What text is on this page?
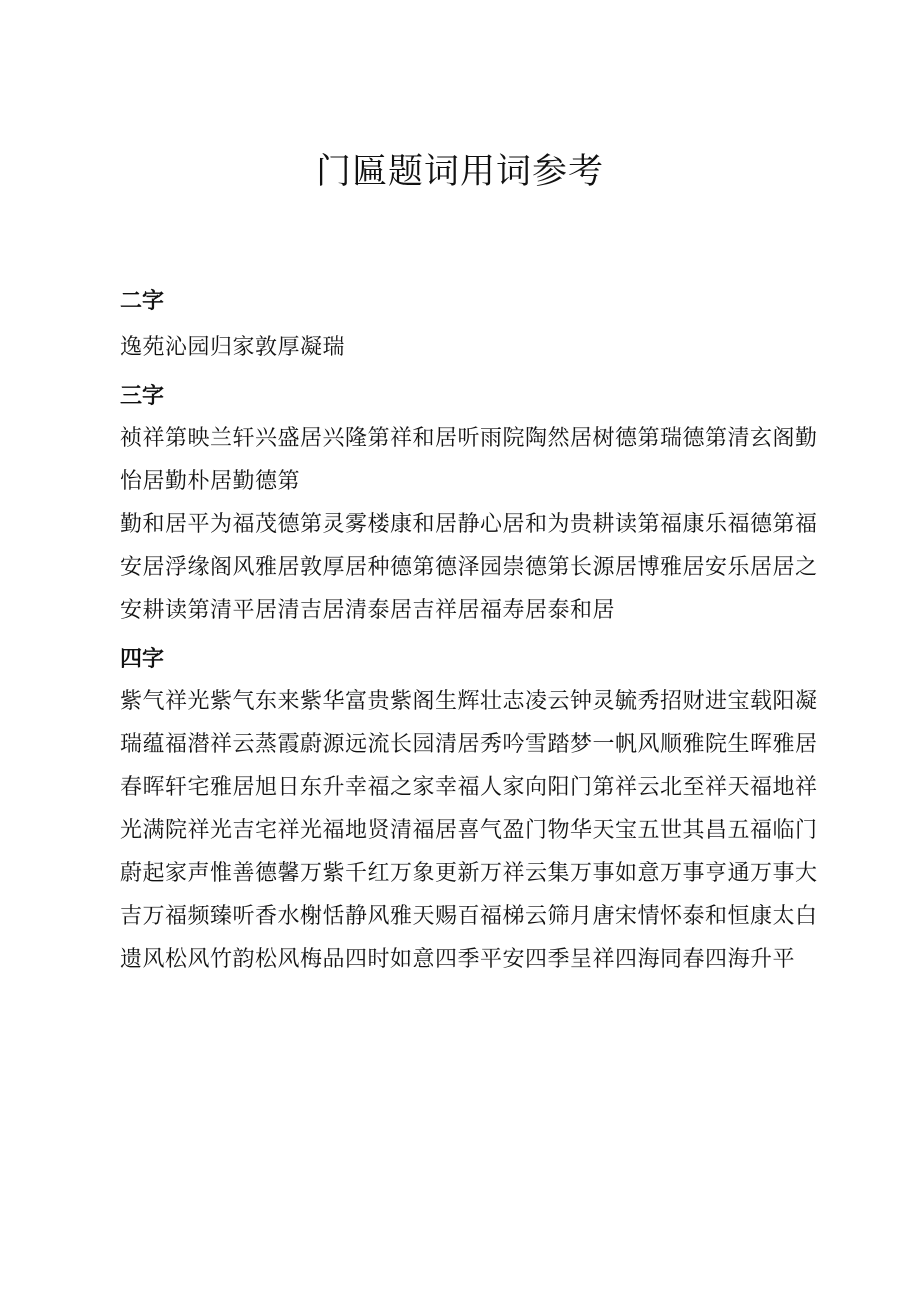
门匾题词用词参考
二字

逸苑沁园归家敦厚凝瑞

三字

祯祥第映兰轩兴盛居兴隆第祥和居听雨院陶然居树德第瑞德第清玄阁勤怡居勤朴居勤德第

勤和居平为福茂德第灵雾楼康和居静心居和为贵耕读第福康乐福德第福安居浮缘阁风雅居敦厚居种德第德泽园崇德第长源居博雅居安乐居居之安耕读第清平居清吉居清泰居吉祥居福寿居泰和居

四字

紫气祥光紫气东来紫华富贵紫阁生辉壮志凌云钟灵毓秀招财进宝载阳凝瑞蕴福潜祥云蒸霞蔚源远流长园清居秀吟雪踏梦一帆风顺雅院生晖雅居春晖轩宅雅居旭日东升幸福之家幸福人家向阳门第祥云北至祥天福地祥光满院祥光吉宅祥光福地贤清福居喜气盈门物华天宝五世其昌五福临门蔚起家声惟善德馨万紫千红万象更新万祥云集万事如意万事亨通万事大吉万福频臻听香水榭恬静风雅天赐百福梯云筛月唐宋情怀泰和恒康太白遗风松风竹韵松风梅品四时如意四季平安四季呈祥四海同春四海升平
